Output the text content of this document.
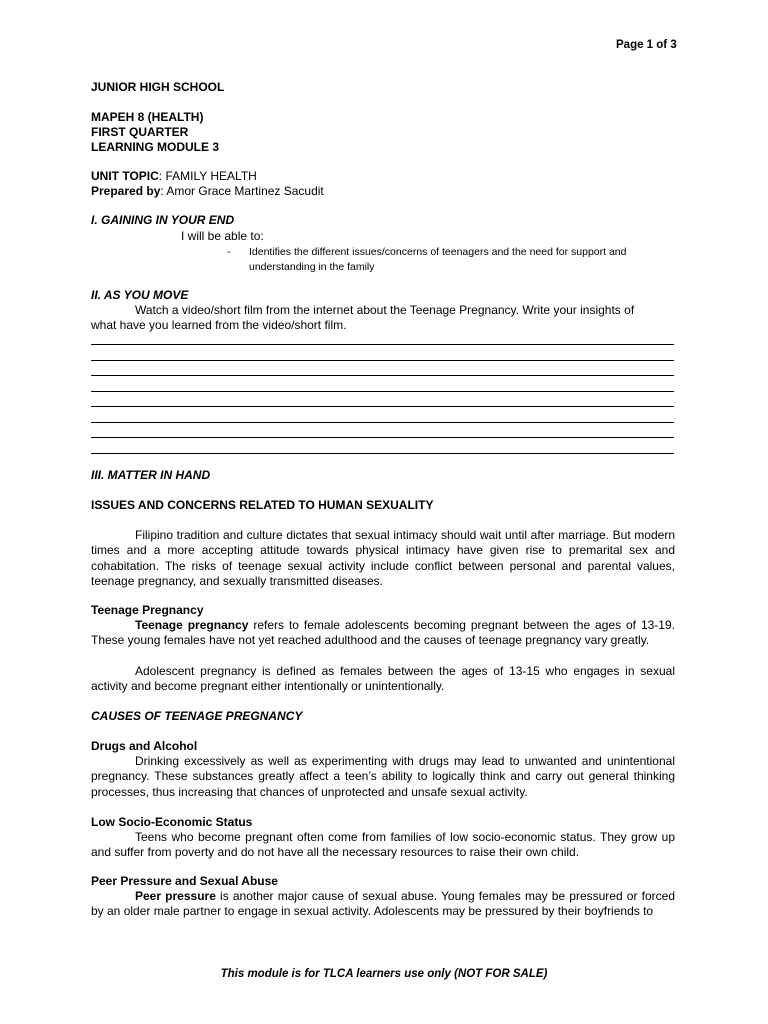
Page 1 of 3
JUNIOR HIGH SCHOOL
MAPEH 8 (HEALTH)
FIRST QUARTER
LEARNING MODULE 3
UNIT TOPIC: FAMILY HEALTH
Prepared by: Amor Grace Martinez Sacudit
I. GAINING IN YOUR END
I will be able to:
- Identifies the different issues/concerns of teenagers and the need for support and
understanding in the family
II. AS YOU MOVE
Watch a video/short film from the internet about the Teenage Pregnancy. Write your insights of
what have you learned from the video/short film.
III. MATTER IN HAND
ISSUES AND CONCERNS RELATED TO HUMAN SEXUALITY
Filipino tradition and culture dictates that sexual intimacy should wait until after marriage. But modern times and a more accepting attitude towards physical intimacy have given rise to premarital sex and cohabitation. The risks of teenage sexual activity include conflict between personal and parental values, teenage pregnancy, and sexually transmitted diseases.
Teenage Pregnancy
Teenage pregnancy refers to female adolescents becoming pregnant between the ages of 13-19. These young females have not yet reached adulthood and the causes of teenage pregnancy vary greatly.
Adolescent pregnancy is defined as females between the ages of 13-15 who engages in sexual activity and become pregnant either intentionally or unintentionally.
CAUSES OF TEENAGE PREGNANCY
Drugs and Alcohol
Drinking excessively as well as experimenting with drugs may lead to unwanted and unintentional pregnancy. These substances greatly affect a teen’s ability to logically think and carry out general thinking processes, thus increasing that chances of unprotected and unsafe sexual activity.
Low Socio-Economic Status
Teens who become pregnant often come from families of low socio-economic status. They grow up and suffer from poverty and do not have all the necessary resources to raise their own child.
Peer Pressure and Sexual Abuse
Peer pressure is another major cause of sexual abuse. Young females may be pressured or forced by an older male partner to engage in sexual activity. Adolescents may be pressured by their boyfriends to
This module is for TLCA learners use only (NOT FOR SALE)
